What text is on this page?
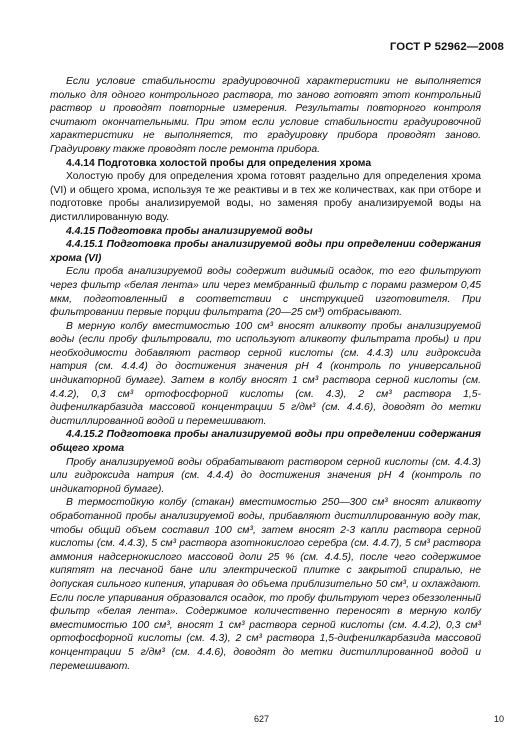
ГОСТ Р 52962—2008

Если условие стабильности градуировочной характеристики не выполняется только для одного контрольного раствора, то заново готовят этот контрольный раствор и проводят повторные измерения. Результаты повторного контроля считают окончательными. При этом если условие стабильности градуировочной характеристики не выполняется, то градуировку прибора проводят заново. Градуировку также проводят после ремонта прибора.

4.4.14 Подготовка холостой пробы для определения хрома

Холостую пробу для определения хрома готовят раздельно для определения хрома (VI) и общего хрома, используя те же реактивы и в тех же количествах, как при отборе и подготовке пробы анализируемой воды, но заменяя пробу анализируемой воды на дистиллированную воду.

4.4.15 Подготовка пробы анализируемой воды

4.4.15.1 Подготовка пробы анализируемой воды при определении содержания хрома (VI)

Если проба анализируемой воды содержит видимый осадок, то его фильтруют через фильтр «белая лента» или через мембранный фильтр с порами размером 0,45 мкм, подготовленный в соответствии с инструкцией изготовителя. При фильтровании первые порции фильтрата (20—25 см³) отбрасывают.

В мерную колбу вместимостью 100 см³ вносят аликвоту пробы анализируемой воды (если пробу фильтровали, то используют аликвоту фильтрата пробы) и при необходимости добавляют раствор серной кислоты (см. 4.4.3) или гидроксида натрия (см. 4.4.4) до достижения значения pH 4 (контроль по универсальной индикаторной бумаге). Затем в колбу вносят 1 см³ раствора серной кислоты (см. 4.4.2), 0,3 см³ ортофосфорной кислоты (см. 4.3), 2 см³ раствора 1,5-дифенилкарбазида массовой концентрации 5 г/дм³ (см. 4.4.6), доводят до метки дистиллированной водой и перемешивают.

4.4.15.2 Подготовка пробы анализируемой воды при определении содержания общего хрома

Пробу анализируемой воды обрабатывают раствором серной кислоты (см. 4.4.3) или гидроксида натрия (см. 4.4.4) до достижения значения pH 4 (контроль по индикаторной бумаге).

В термостойкую колбу (стакан) вместимостью 250—300 см³ вносят аликвоту обработанной пробы анализируемой воды, прибавляют дистиллированную воду так, чтобы общий объем составил 100 см³, затем вносят 2-3 капли раствора серной кислоты (см. 4.4.3), 5 см³ раствора азотнокислого серебра (см. 4.4.7), 5 см³ раствора аммония надсернокислого массовой доли 25 % (см. 4.4.5), после чего содержимое кипятят на песчаной бане или электрической плитке с закрытой спиралью, не допуская сильного кипения, упаривая до объема приблизительно 50 см³, и охлаждают. Если после упаривания образовался осадок, то пробу фильтруют через обеззоленный фильтр «белая лента». Содержимое количественно переносят в мерную колбу вместимостью 100 см³, вносят 1 см³ раствора серной кислоты (см. 4.4.2), 0,3 см³ ортофосфорной кислоты (см. 4.3), 2 см³ раствора 1,5-дифенилкарбазида массовой концентрации 5 г/дм³ (см. 4.4.6), доводят до метки дистиллированной водой и перемешивают.

627	10
